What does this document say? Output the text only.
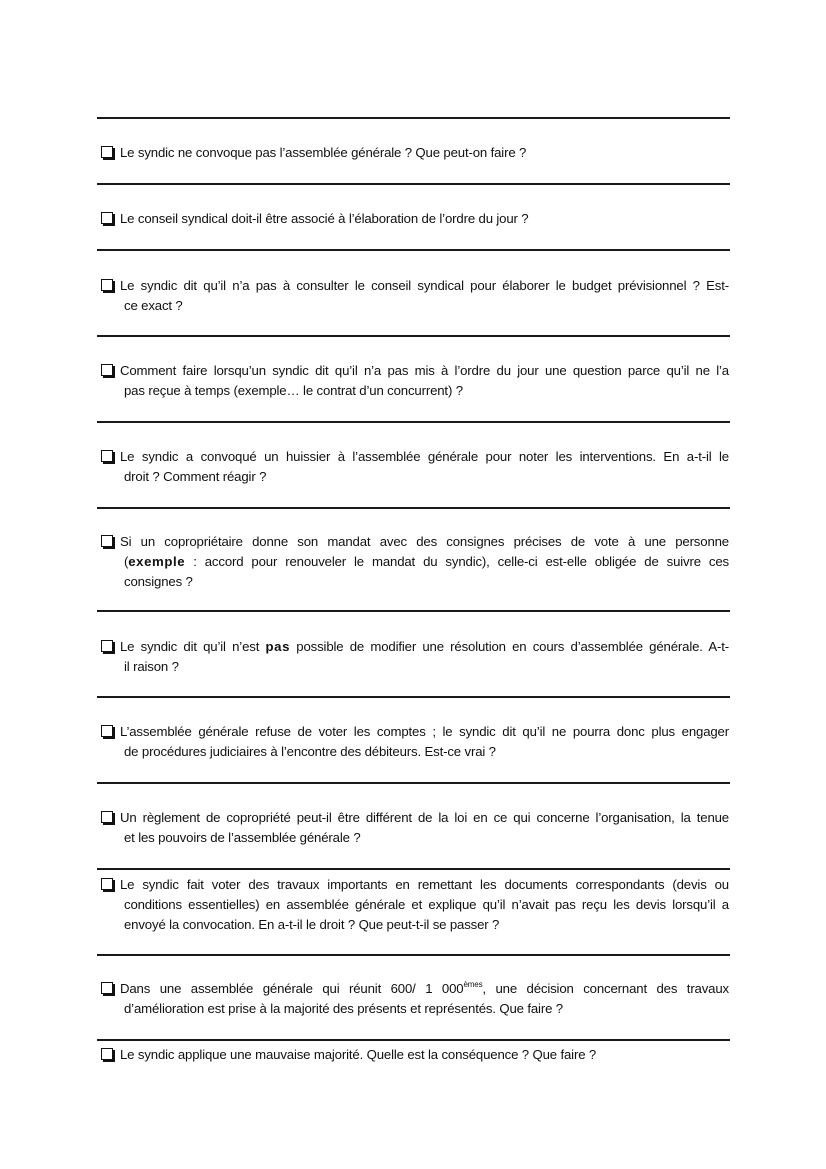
Le syndic ne convoque pas l’assemblée générale ? Que peut-on faire ?
Le conseil syndical doit-il être associé à l’élaboration de l’ordre du jour ?
Le syndic dit qu’il n’a pas à consulter le conseil syndical pour élaborer le budget prévisionnel ? Est-
ce exact ?
Comment faire lorsqu’un syndic dit qu’il n’a pas mis à l’ordre du jour une question parce qu’il ne l’a
pas reçue à temps (exemple… le contrat d’un concurrent) ?
Le syndic a convoqué un huissier à l’assemblée générale pour noter les interventions. En a-t-il le
droit ? Comment réagir ?
Si un copropriétaire donne son mandat avec des consignes précises de vote à une personne
(exemple : accord pour renouveler le mandat du syndic), celle-ci est-elle obligée de suivre ces
consignes ?
Le syndic dit qu’il n’est pas possible de modifier une résolution en cours d’assemblée générale. A-t-
il raison ?
L’assemblée générale refuse de voter les comptes ; le syndic dit qu’il ne pourra donc plus engager
de procédures judiciaires à l’encontre des débiteurs. Est-ce vrai ?
Un règlement de copropriété peut-il être différent de la loi en ce qui concerne l’organisation, la tenue
et les pouvoirs de l’assemblée générale ?
Le syndic fait voter des travaux importants en remettant les documents correspondants (devis ou
conditions essentielles) en assemblée générale et explique qu’il n’avait pas reçu les devis lorsqu’il a
envoyé la convocation. En a-t-il le droit ? Que peut-t-il se passer ?
Dans une assemblée générale qui réunit 600/ 1 000èmes, une décision concernant des travaux
d’amélioration est prise à la majorité des présents et représentés. Que faire ?
Le syndic applique une mauvaise majorité. Quelle est la conséquence ? Que faire ?
